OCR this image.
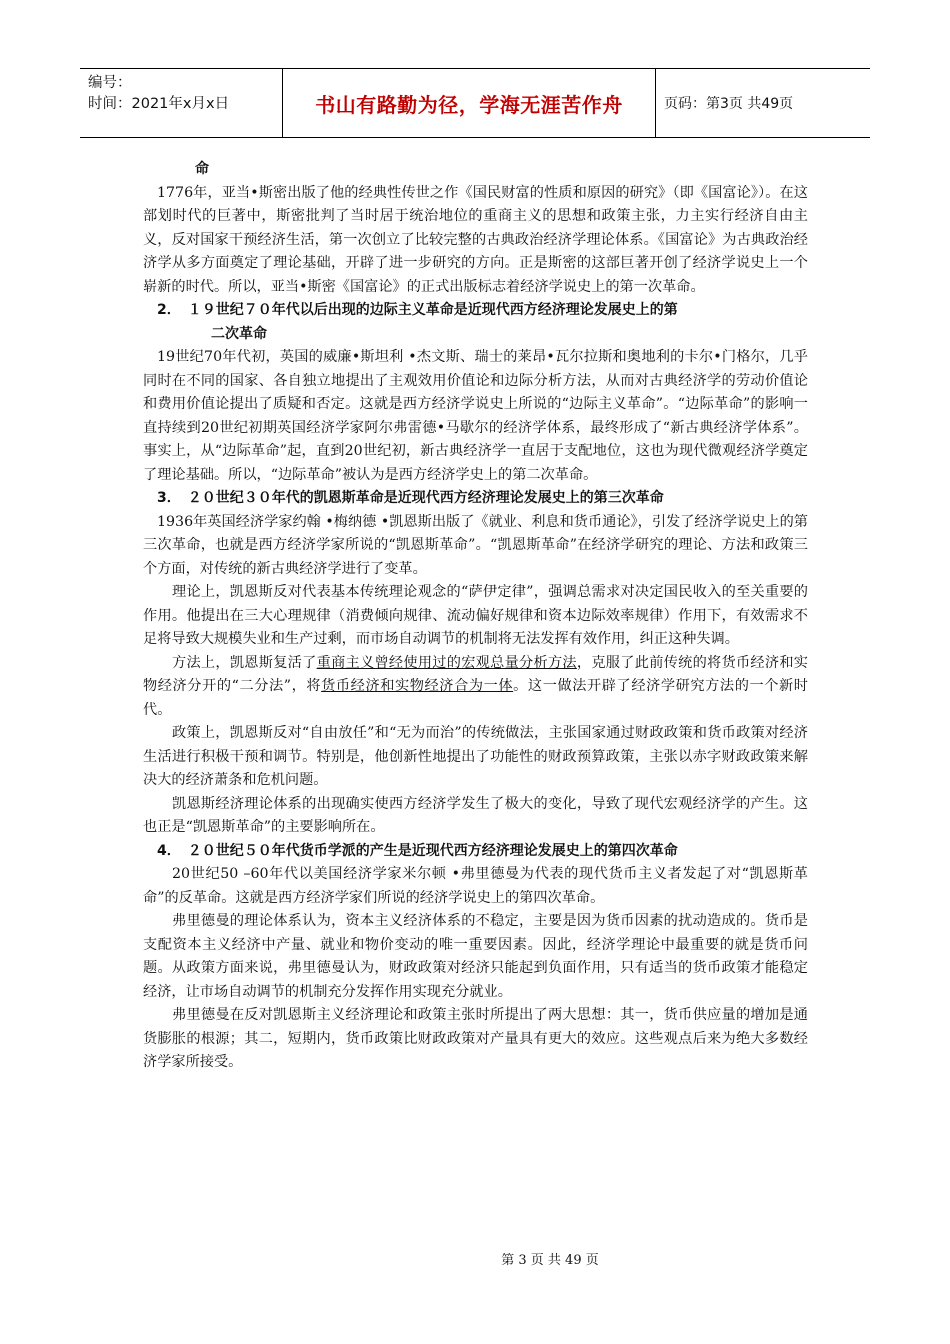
编号：
时间：2021年x月x日	书山有路勤为径，学海无涯苦作舟	页码：第3页 共49页

命

1776年，亚当•斯密出版了他的经典性传世之作《国民财富的性质和原因的研究》（即《国富论》）。在这部划时代的巨著中，斯密批判了当时居于统治地位的重商主义的思想和政策主张，力主实行经济自由主义，反对国家干预经济生活，第一次创立了比较完整的古典政治经济学理论体系。《国富论》为古典政治经济学从多方面奠定了理论基础，开辟了进一步研究的方向。正是斯密的这部巨著开创了经济学说史上一个崭新的时代。所以，亚当•斯密《国富论》的正式出版标志着经济学说史上的第一次革命。

2．　１９世纪７０年代以后出现的边际主义革命是近现代西方经济理论发展史上的第
二次革命

19世纪70年代初，英国的威廉•斯坦利 •杰文斯、瑞士的莱昂•瓦尔拉斯和奥地利的卡尔•门格尔，几乎同时在不同的国家、各自独立地提出了主观效用价值论和边际分析方法，从而对古典经济学的劳动价值论和费用价值论提出了质疑和否定。这就是西方经济学说史上所说的“边际主义革命”。“边际革命”的影响一直持续到20世纪初期英国经济学家阿尔弗雷德•马歇尔的经济学体系，最终形成了“新古典经济学体系”。事实上，从“边际革命”起，直到20世纪初，新古典经济学一直居于支配地位，这也为现代微观经济学奠定了理论基础。所以，“边际革命”被认为是西方经济学史上的第二次革命。

3．　２０世纪３０年代的凯恩斯革命是近现代西方经济理论发展史上的第三次革命

1936年英国经济学家约翰 •梅纳德 •凯恩斯出版了《就业、利息和货币通论》，引发了经济学说史上的第三次革命，也就是西方经济学家所说的“凯恩斯革命”。“凯恩斯革命”在经济学研究的理论、方法和政策三个方面，对传统的新古典经济学进行了变革。

理论上，凯恩斯反对代表基本传统理论观念的“萨伊定律”，强调总需求对决定国民收入的至关重要的作用。他提出在三大心理规律（消费倾向规律、流动偏好规律和资本边际效率规律）作用下，有效需求不足将导致大规模失业和生产过剩，而市场自动调节的机制将无法发挥有效作用，纠正这种失调。

方法上，凯恩斯复活了重商主义曾经使用过的宏观总量分析方法，克服了此前传统的将货币经济和实物经济分开的“二分法”，将货币经济和实物经济合为一体。这一做法开辟了经济学研究方法的一个新时代。

政策上，凯恩斯反对“自由放任”和“无为而治”的传统做法，主张国家通过财政政策和货币政策对经济生活进行积极干预和调节。特别是，他创新性地提出了功能性的财政预算政策，主张以赤字财政政策来解决大的经济萧条和危机问题。

凯恩斯经济理论体系的出现确实使西方经济学发生了极大的变化，导致了现代宏观经济学的产生。这也正是“凯恩斯革命”的主要影响所在。

4．　２０世纪５０年代货币学派的产生是近现代西方经济理论发展史上的第四次革命

20世纪50 –60年代以美国经济学家米尔顿 •弗里德曼为代表的现代货币主义者发起了对“凯恩斯革命”的反革命。这就是西方经济学家们所说的经济学说史上的第四次革命。

弗里德曼的理论体系认为，资本主义经济体系的不稳定，主要是因为货币因素的扰动造成的。货币是支配资本主义经济中产量、就业和物价变动的唯一重要因素。因此，经济学理论中最重要的就是货币问题。从政策方面来说，弗里德曼认为，财政政策对经济只能起到负面作用，只有适当的货币政策才能稳定经济，让市场自动调节的机制充分发挥作用实现充分就业。

弗里德曼在反对凯恩斯主义经济理论和政策主张时所提出了两大思想：其一，货币供应量的增加是通货膨胀的根源；其二，短期内，货币政策比财政政策对产量具有更大的效应。这些观点后来为绝大多数经济学家所接受。

第 3 页 共 49 页
